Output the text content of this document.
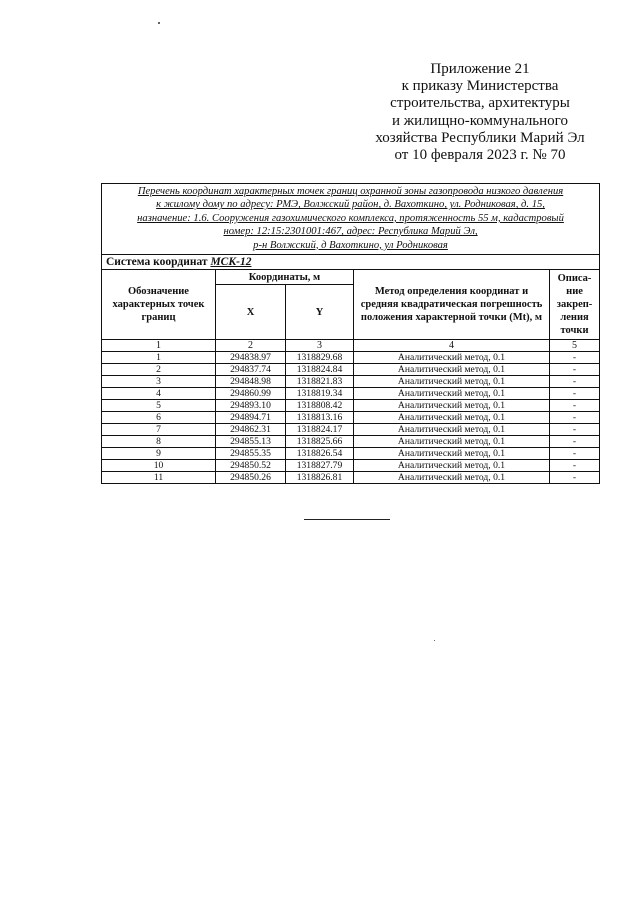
Приложение 21
к приказу Министерства
строительства, архитектуры
и жилищно-коммунального
хозяйства Республики Марий Эл
от 10 февраля 2023 г. № 70
Перечень координат характерных точек границ охранной зоны газопровода низкого давления
к жилому дому по адресу: РМЭ, Волжский район, д. Вахоткино, ул. Родниковая, д. 15,
назначение: 1.6. Сооружения газохимического комплекса, протяженность 55 м, кадастровый
номер: 12:15:2301001:467, адрес: Республика Марий Эл,
р-н Волжский, д Вахоткино, ул Родниковая				

Система координат МСК-12				
Обозначение характерных точек границ	Координаты, м		Метод определения координат и средняя квадратическая погрешность положения характерной точки (Mt), м	Описа-ние закреп-ления точки
	X	Y		
1	2	3	4	5
1	294838.97	1318829.68	Аналитический метод, 0.1	-
2	294837.74	1318824.84	Аналитический метод, 0.1	-
3	294848.98	1318821.83	Аналитический метод, 0.1	-
4	294860.99	1318819.34	Аналитический метод, 0.1	-
5	294893.10	1318808.42	Аналитический метод, 0.1	-
6	294894.71	1318813.16	Аналитический метод, 0.1	-
7	294862.31	1318824.17	Аналитический метод, 0.1	-
8	294855.13	1318825.66	Аналитический метод, 0.1	-
9	294855.35	1318826.54	Аналитический метод, 0.1	-
10	294850.52	1318827.79	Аналитический метод, 0.1	-
11	294850.26	1318826.81	Аналитический метод, 0.1	-
